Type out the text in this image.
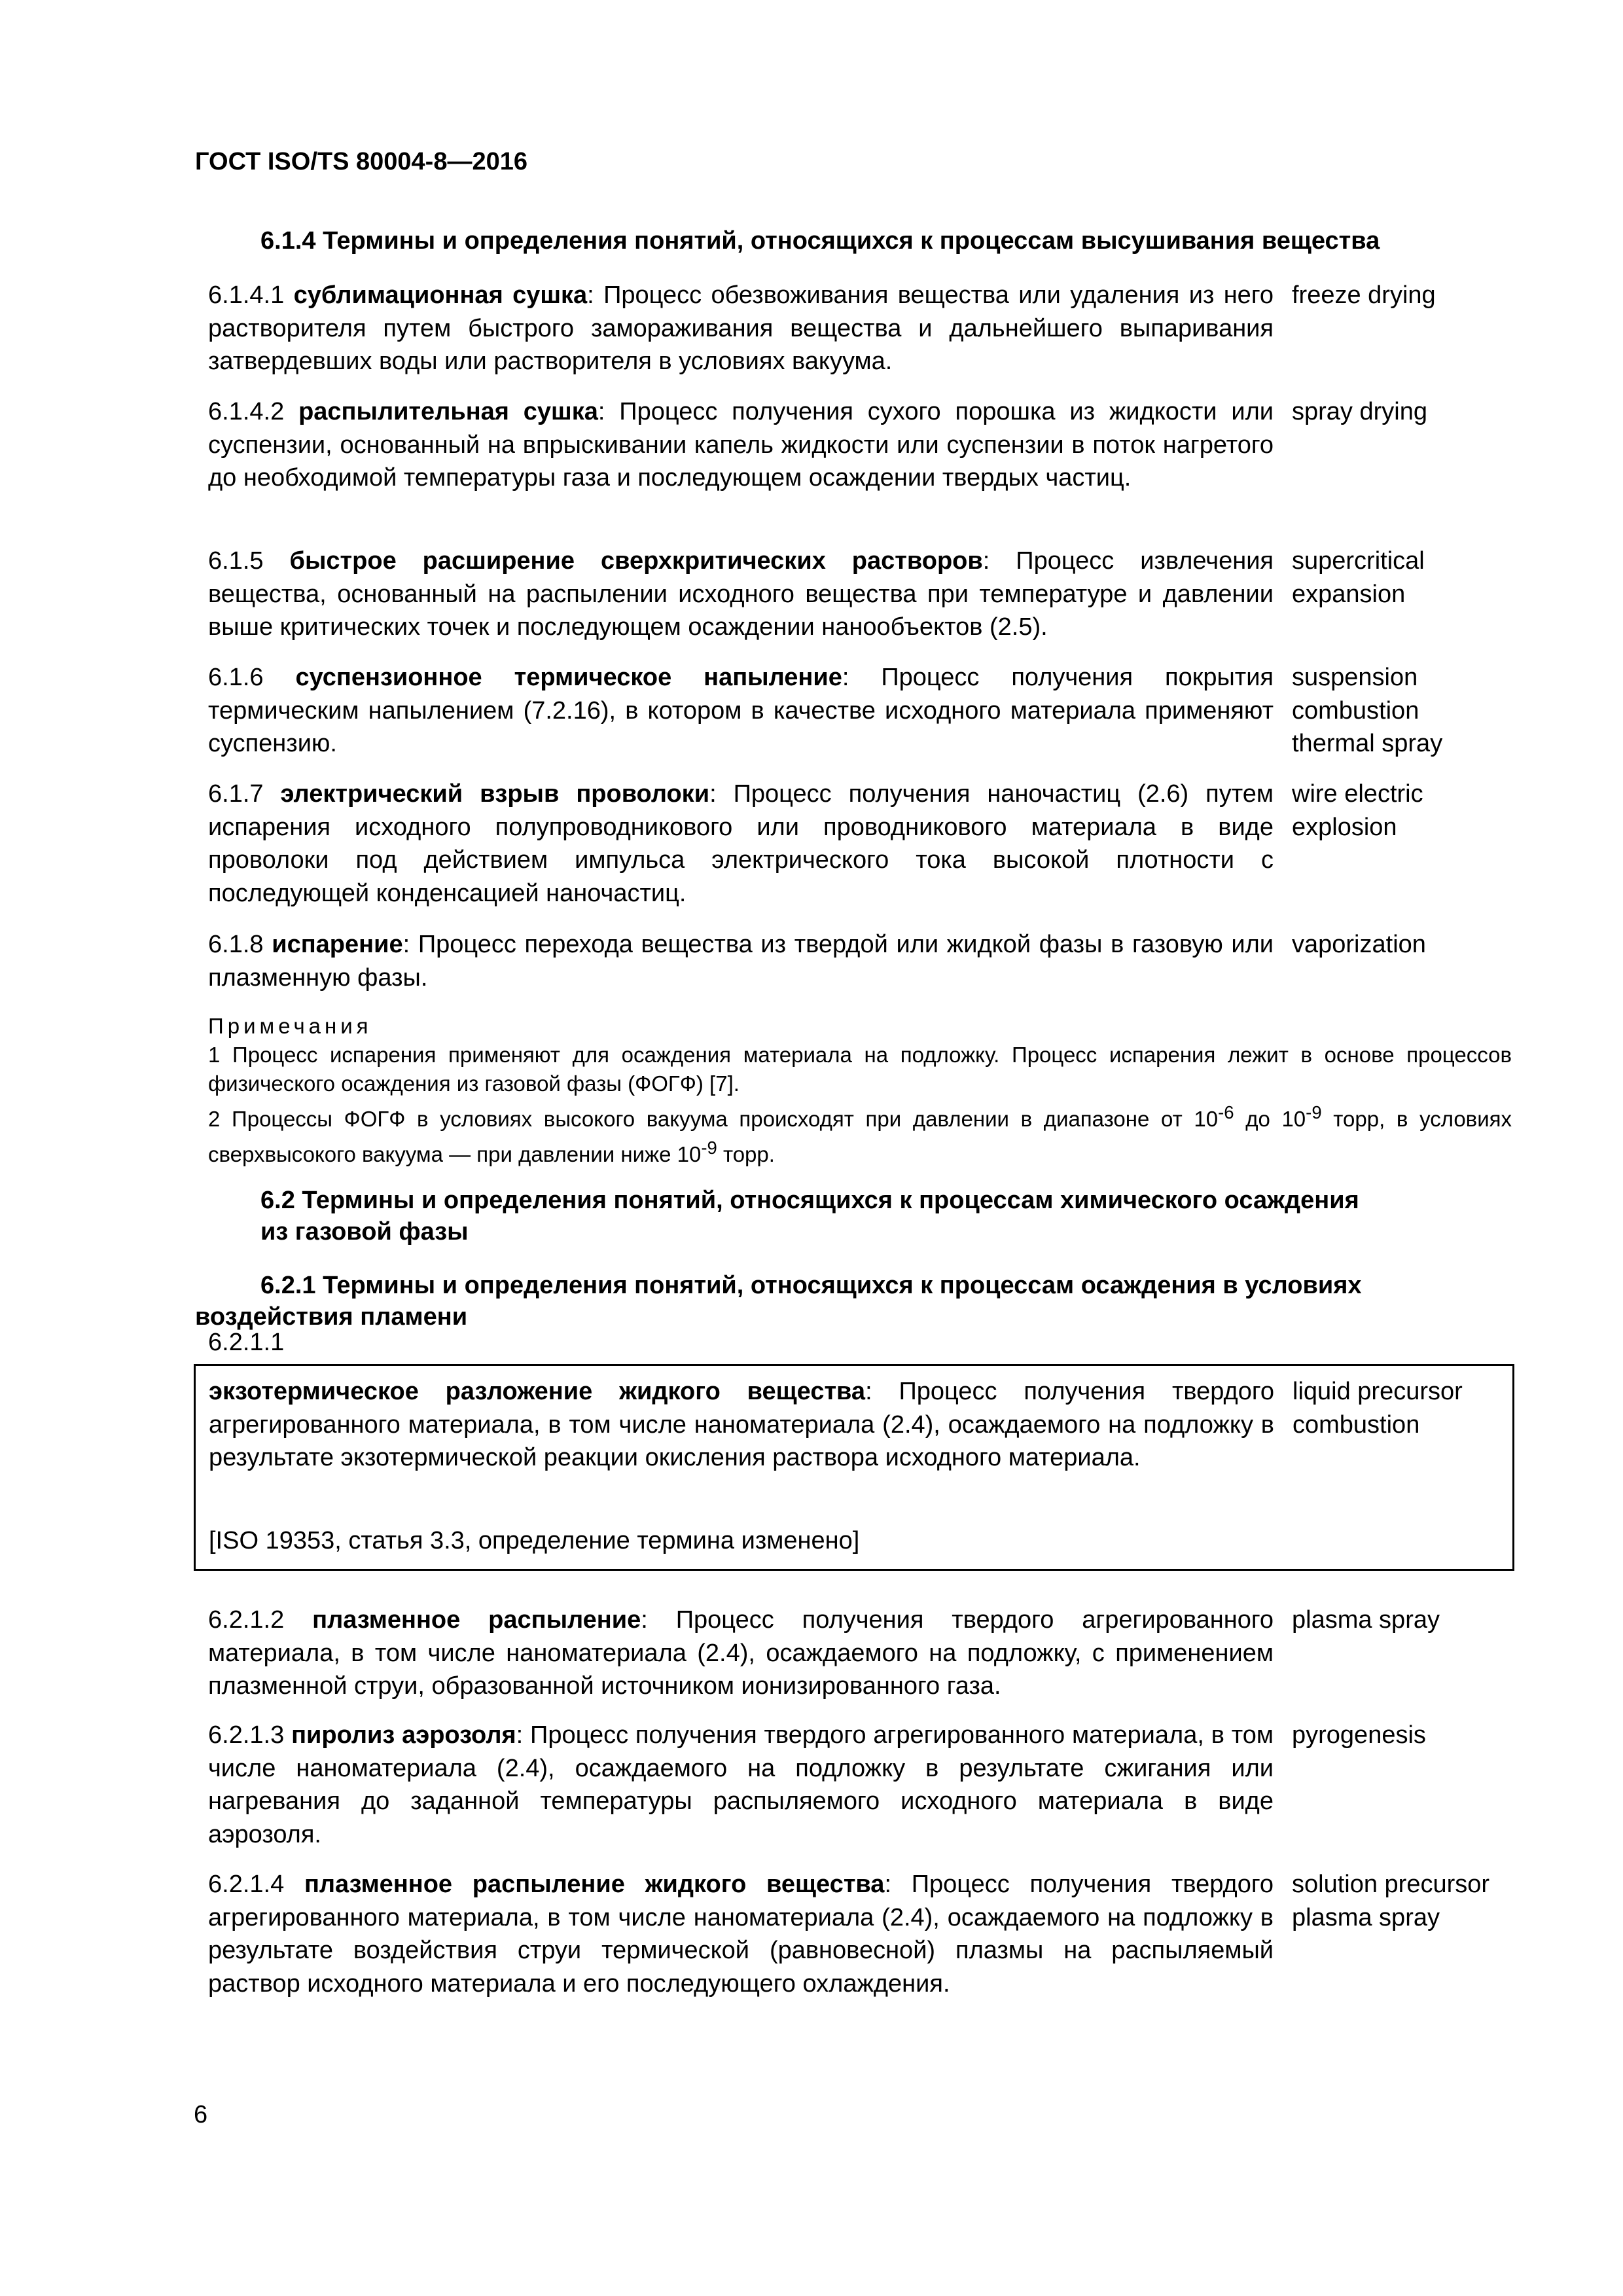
ГОСТ ISO/TS 80004-8—2016
6.1.4 Термины и определения понятий, относящихся к процессам высушивания вещества
6.1.4.1 сублимационная сушка: Процесс обезвоживания вещества или удаления из него растворителя путем быстрого замораживания вещества и дальнейшего выпаривания затвердевших воды или растворителя в условиях вакуума.
freeze drying
6.1.4.2 распылительная сушка: Процесс получения сухого порошка из жидкости или суспензии, основанный на впрыскивании капель жидкости или суспензии в поток нагретого до необходимой температуры газа и последующем осаждении твердых частиц.
spray drying
6.1.5 быстрое расширение сверхкритических растворов: Процесс извлечения вещества, основанный на распылении исходного вещества при температуре и давлении выше критических точек и последующем осаждении нанообъектов (2.5).
supercritical expansion
6.1.6 суспензионное термическое напыление: Процесс получения покрытия термическим напылением (7.2.16), в котором в качестве исходного материала применяют суспензию.
suspension combustion thermal spray
6.1.7 электрический взрыв проволоки: Процесс получения наночастиц (2.6) путем испарения исходного полупроводникового или проводникового материала в виде проволоки под действием импульса электрического тока высокой плотности с последующей конденсацией наночастиц.
wire electric explosion
6.1.8 испарение: Процесс перехода вещества из твердой или жидкой фазы в газовую или плазменную фазы.
vaporization
Примечания
1 Процесс испарения применяют для осаждения материала на подложку. Процесс испарения лежит в основе процессов физического осаждения из газовой фазы (ФОГФ) [7].
2 Процессы ФОГФ в условиях высокого вакуума происходят при давлении в диапазоне от $10^{-6}$ до $10^{-9}$ торр, в условиях сверхвысокого вакуума — при давлении ниже $10^{-9}$ торр.
6.2 Термины и определения понятий, относящихся к процессам химического осаждения
из газовой фазы
6.2.1 Термины и определения понятий, относящихся к процессам осаждения в условиях
воздействия пламени
6.2.1.1
экзотермическое разложение жидкого вещества: Процесс получения твердого агрегированного материала, в том числе наноматериала (2.4), осаждаемого на подложку в результате экзотермической реакции окисления раствора исходного материала.
[ISO 19353, статья 3.3, определение термина изменено]
liquid precursor combustion
6.2.1.2 плазменное распыление: Процесс получения твердого агрегированного материала, в том числе наноматериала (2.4), осаждаемого на подложку, с применением плазменной струи, образованной источником ионизированного газа.
plasma spray
6.2.1.3 пиролиз аэрозоля: Процесс получения твердого агрегированного материала, в том числе наноматериала (2.4), осаждаемого на подложку в результате сжигания или нагревания до заданной температуры распыляемого исходного материала в виде аэрозоля.
pyrogenesis
6.2.1.4 плазменное распыление жидкого вещества: Процесс получения твердого агрегированного материала, в том числе наноматериала (2.4), осаждаемого на подложку в результате воздействия струи термической (равновесной) плазмы на распыляемый раствор исходного материала и его последующего охлаждения.
solution precursor plasma spray
6
